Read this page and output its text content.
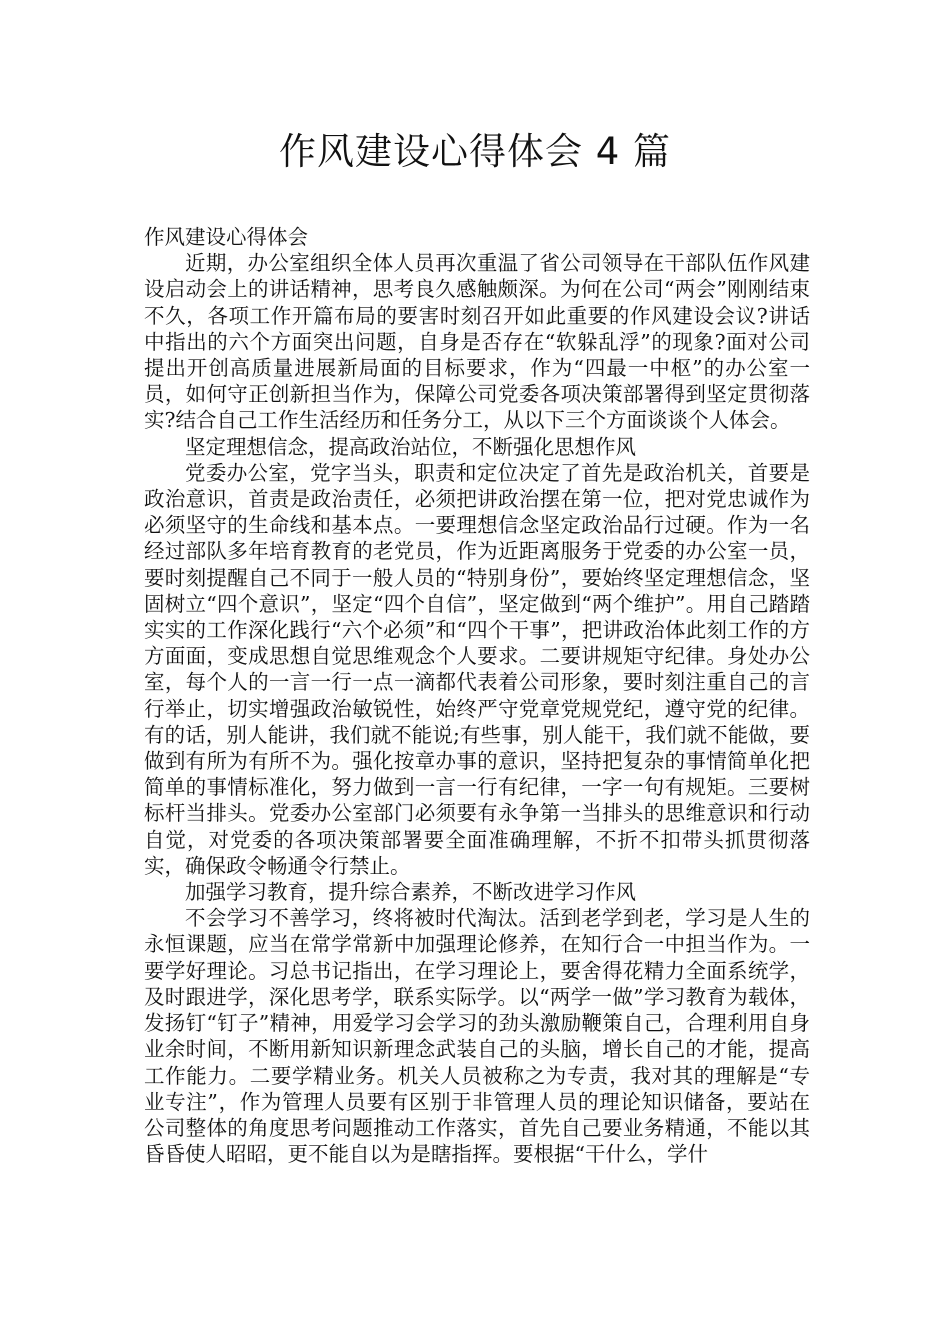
作风建设心得体会 4 篇

作风建设心得体会

近期，办公室组织全体人员再次重温了省公司领导在干部队伍作风建设启动会上的讲话精神，思考良久感触颇深。为何在公司“两会”刚刚结束不久，各项工作开篇布局的要害时刻召开如此重要的作风建设会议?讲话中指出的六个方面突出问题，自身是否存在“软躲乱浮”的现象?面对公司提出开创高质量进展新局面的目标要求，作为“四最一中枢”的办公室一员，如何守正创新担当作为，保障公司党委各项决策部署得到坚定贯彻落实?结合自己工作生活经历和任务分工，从以下三个方面谈谈个人体会。

坚定理想信念，提高政治站位，不断强化思想作风

党委办公室，党字当头，职责和定位决定了首先是政治机关，首要是政治意识，首责是政治责任，必须把讲政治摆在第一位，把对党忠诚作为必须坚守的生命线和基本点。一要理想信念坚定政治品行过硬。作为一名经过部队多年培育教育的老党员，作为近距离服务于党委的办公室一员，要时刻提醒自己不同于一般人员的“特别身份”，要始终坚定理想信念，坚固树立“四个意识”，坚定“四个自信”，坚定做到“两个维护”。用自己踏踏实实的工作深化践行“六个必须”和“四个干事”，把讲政治体此刻工作的方方面面，变成思想自觉思维观念个人要求。二要讲规矩守纪律。身处办公室，每个人的一言一行一点一滴都代表着公司形象，要时刻注重自己的言行举止，切实增强政治敏锐性，始终严守党章党规党纪，遵守党的纪律。有的话，别人能讲，我们就不能说;有些事，别人能干，我们就不能做，要做到有所为有所不为。强化按章办事的意识，坚持把复杂的事情简单化把简单的事情标准化，努力做到一言一行有纪律，一字一句有规矩。三要树标杆当排头。党委办公室部门必须要有永争第一当排头的思维意识和行动自觉，对党委的各项决策部署要全面准确理解，不折不扣带头抓贯彻落实，确保政令畅通令行禁止。

加强学习教育，提升综合素养，不断改进学习作风

不会学习不善学习，终将被时代淘汰。活到老学到老，学习是人生的永恒课题，应当在常学常新中加强理论修养，在知行合一中担当作为。一要学好理论。习总书记指出，在学习理论上，要舍得花精力全面系统学，及时跟进学，深化思考学，联系实际学。以“两学一做”学习教育为载体，发扬钉“钉子”精神，用爱学习会学习的劲头激励鞭策自己，合理利用自身业余时间，不断用新知识新理念武装自己的头脑，增长自己的才能，提高工作能力。二要学精业务。机关人员被称之为专责，我对其的理解是“专业专注”，作为管理人员要有区别于非管理人员的理论知识储备，要站在公司整体的角度思考问题推动工作落实，首先自己要业务精通，不能以其昏昏使人昭昭，更不能自以为是瞎指挥。要根据“干什么，学什
